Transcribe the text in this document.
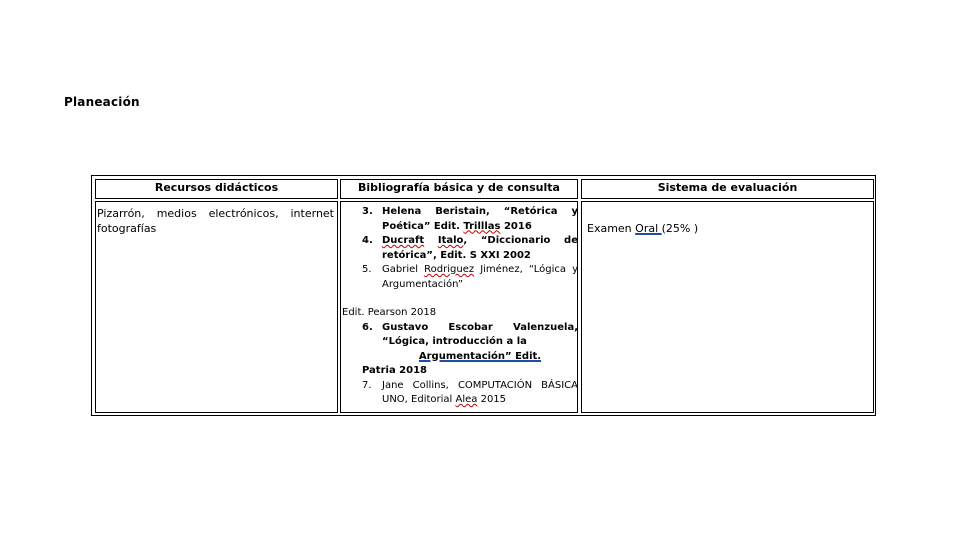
Planeación
Recursos didácticos	Bibliografía básica y de consulta	Sistema de evaluación
Pizarrón, medios electrónicos, internet fotografías
3. Helena Beristain, “Retórica y Poética” Edit. Trilllas 2016
4. Ducraft Italo, “Diccionario de retórica”, Edit. S XXI 2002
5. Gabriel Rodriguez Jiménez, “Lógica y Argumentación”
Edit. Pearson 2018
6. Gustavo Escobar Valenzuela, “Lógica, introducción a la
Argumentación” Edit.
Patria 2018
7. Jane Collins, COMPUTACIÓN BÁSICA UNO, Editorial Alea 2015
Examen Oral (25% )
